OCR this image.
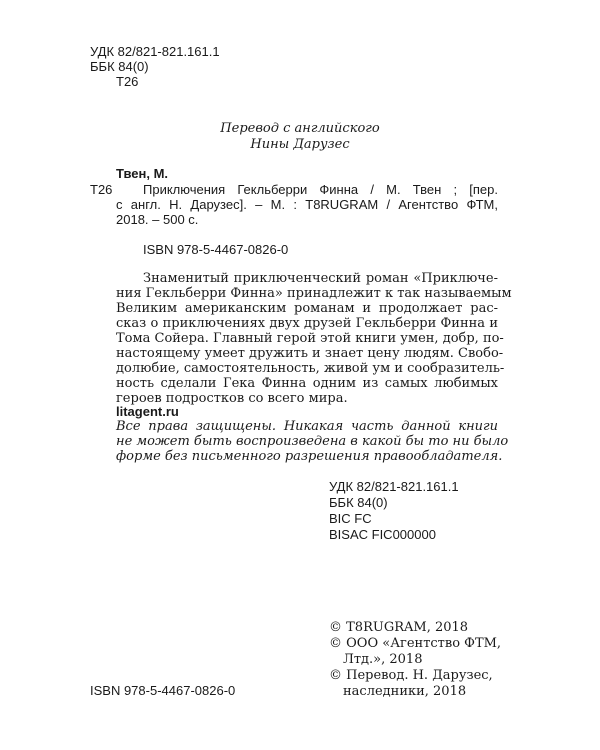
УДК 82/821-821.161.1
ББК 84(0)
Т26
Перевод с английского
Нины Дарузес
Твен, М.
Т26 Приключения Гекльберри Финна / М. Твен ; [пер.
с англ. Н. Дарузес]. – М. : T8RUGRAM / Агентство ФТМ,
2018. – 500 с.
ISBN 978-5-4467-0826-0
Знаменитый приключенческий роман «Приключе-
ния Гекльберри Финна» принадлежит к так называемым
Великим американским романам и продолжает рас-
сказ о приключениях двух друзей Гекльберри Финна и
Тома Сойера. Главный герой этой книги умен, добр, по-
настоящему умеет дружить и знает цену людям. Свобо-
долюбие, самостоятельность, живой ум и сообразитель-
ность сделали Гека Финна одним из самых любимых
героев подростков со всего мира.
litagent.ru
Все права защищены. Никакая часть данной книги
не может быть воспроизведена в какой бы то ни было
форме без письменного разрешения правообладателя.
УДК 82/821-821.161.1
ББК 84(0)
BIC FC
BISAC FIC000000
© T8RUGRAM, 2018
© ООО «Агентство ФТМ,
Лтд.», 2018
© Перевод. Н. Дарузес,
наследники, 2018
ISBN 978-5-4467-0826-0
